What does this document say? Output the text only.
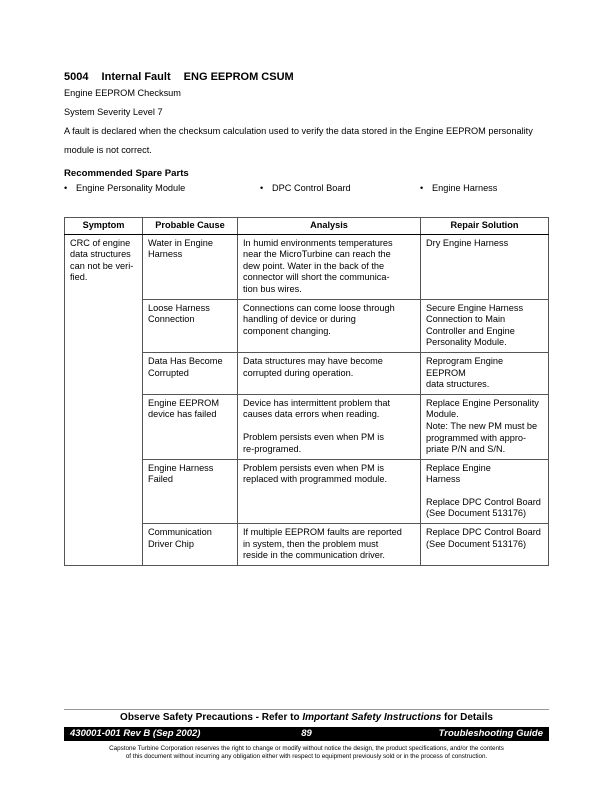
5004 Internal Fault ENG EEPROM CSUM

Engine EEPROM Checksum

System Severity Level 7

A fault is declared when the checksum calculation used to verify the data stored in the Engine EEPROM personality

module is not correct.

Recommended Spare Parts
• Engine Personality Module	• DPC Control Board	• Engine Harness
Symptom	Probable Cause	Analysis	Repair Solution

CRC of engine
data structures
can not be veri-
fied.	Water in Engine
Harness	In humid environments temperatures
near the MicroTurbine can reach the
dew point. Water in the back of the
connector will short the communica-
tion bus wires.	Dry Engine Harness

	Loose Harness
Connection	Connections can come loose through
handling of device or during
component changing.	Secure Engine Harness
Connection to Main
Controller and Engine
Personality Module.

	Data Has Become
Corrupted	Data structures may have become
corrupted during operation.	Reprogram Engine EEPROM
data structures.

	Engine EEPROM
device has failed	Device has intermittent problem that
causes data errors when reading.
Problem persists even when PM is
re-programed.	Replace Engine Personality
Module.
Note: The new PM must be
programmed with appro-
priate P/N and S/N.

	Engine Harness
Failed	Problem persists even when PM is
replaced with programmed module.	Replace Engine
Harness
Replace DPC Control Board
(See Document 513176)

	Communication
Driver Chip	If multiple EEPROM faults are reported
in system, then the problem must
reside in the communication driver.	Replace DPC Control Board
(See Document 513176)
Observe Safety Precautions - Refer to Important Safety Instructions for Details
430001-001 Rev B (Sep 2002)	89	Troubleshooting Guide
Capstone Turbine Corporation reserves the right to change or modify without notice the design, the product specifications, and/or the contents
of this document without incurring any obligation either with respect to equipment previously sold or in the process of construction.
